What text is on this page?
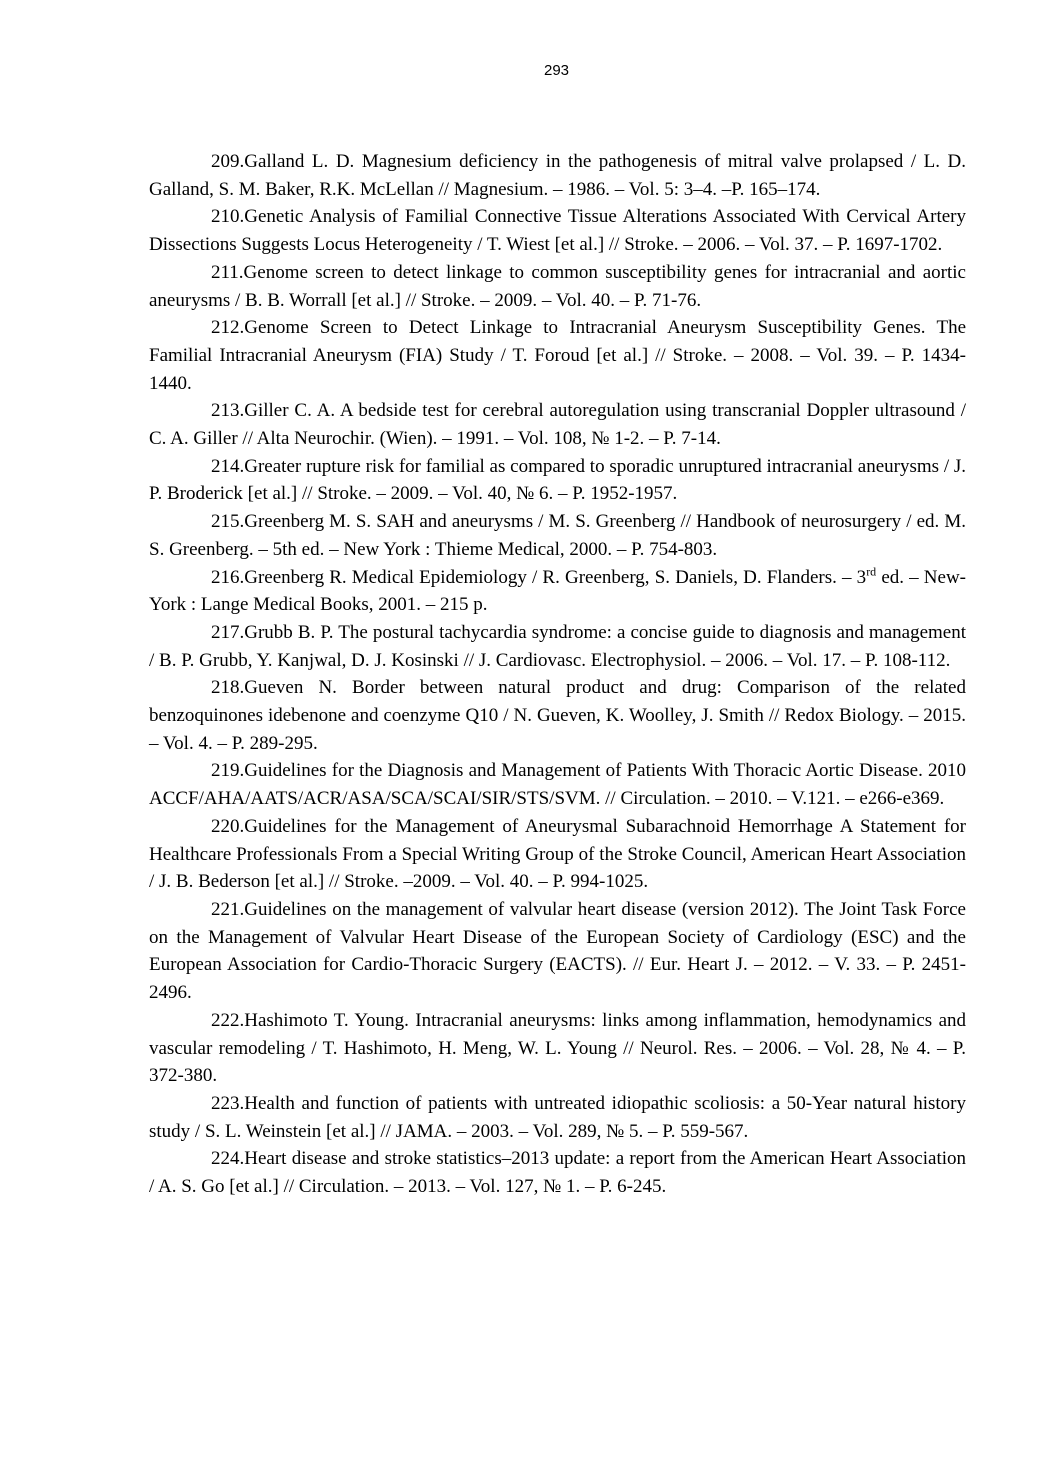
293

209.Galland L. D. Magnesium deficiency in the pathogenesis of mitral valve prolapsed / L. D. Galland, S. M. Baker, R.K. McLellan // Magnesium. – 1986. – Vol. 5: 3–4. –P. 165–174.

210.Genetic Analysis of Familial Connective Tissue Alterations Associated With Cervical Artery Dissections Suggests Locus Heterogeneity / T. Wiest [et al.] // Stroke. – 2006. – Vol. 37. – P. 1697-1702.

211.Genome screen to detect linkage to common susceptibility genes for intracranial and aortic aneurysms / B. B. Worrall [et al.] // Stroke. – 2009. – Vol. 40. – P. 71-76.

212.Genome Screen to Detect Linkage to Intracranial Aneurysm Susceptibility Genes. The Familial Intracranial Aneurysm (FIA) Study / T. Foroud [et al.] // Stroke. – 2008. – Vol. 39. – P. 1434-1440.

213.Giller C. A. A bedside test for cerebral autoregulation using transcranial Doppler ultrasound / C. A. Giller // Alta Neurochir. (Wien). – 1991. – Vol. 108, № 1-2. – P. 7-14.

214.Greater rupture risk for familial as compared to sporadic unruptured intracranial aneurysms / J. P. Broderick [et al.] // Stroke. – 2009. – Vol. 40, № 6. – P. 1952-1957.

215.Greenberg M. S. SAH and aneurysms / M. S. Greenberg // Handbook of neurosurgery / ed. M. S. Greenberg. – 5th ed. – New York : Thieme Medical, 2000. – P. 754-803.

216.Greenberg R. Medical Epidemiology / R. Greenberg, S. Daniels, D. Flanders. – 3rd ed. – New-York : Lange Medical Books, 2001. – 215 p.

217.Grubb B. P. The postural tachycardia syndrome: a concise guide to diagnosis and management / B. P. Grubb, Y. Kanjwal, D. J. Kosinski // J. Cardiovasc. Electrophysiol. – 2006. – Vol. 17. – P. 108-112.

218.Gueven N. Border between natural product and drug: Comparison of the related benzoquinones idebenone and coenzyme Q10 / N. Gueven, K. Woolley, J. Smith // Redox Biology. – 2015. – Vol. 4. – P. 289-295.

219.Guidelines for the Diagnosis and Management of Patients With Thoracic Aortic Disease. 2010 ACCF/AHA/AATS/ACR/ASA/SCA/SCAI/SIR/STS/SVM. // Circulation. – 2010. – V.121. – e266-e369.

220.Guidelines for the Management of Aneurysmal Subarachnoid Hemorrhage A Statement for Healthcare Professionals From a Special Writing Group of the Stroke Council, American Heart Association / J. B. Bederson [et al.] // Stroke. –2009. – Vol. 40. – P. 994-1025.

221.Guidelines on the management of valvular heart disease (version 2012). The Joint Task Force on the Management of Valvular Heart Disease of the European Society of Cardiology (ESC) and the European Association for Cardio-Thoracic Surgery (EACTS). // Eur. Heart J. – 2012. – V. 33. – P. 2451-2496.

222.Hashimoto T. Young. Intracranial aneurysms: links among inflammation, hemodynamics and vascular remodeling / T. Hashimoto, H. Meng, W. L. Young // Neurol. Res. – 2006. – Vol. 28, № 4. – P. 372-380.

223.Health and function of patients with untreated idiopathic scoliosis: a 50-Year natural history study / S. L. Weinstein [et al.] // JAMA. – 2003. – Vol. 289, № 5. – P. 559-567.

224.Heart disease and stroke statistics–2013 update: a report from the American Heart Association / A. S. Go [et al.] // Circulation. – 2013. – Vol. 127, № 1. – P. 6-245.
